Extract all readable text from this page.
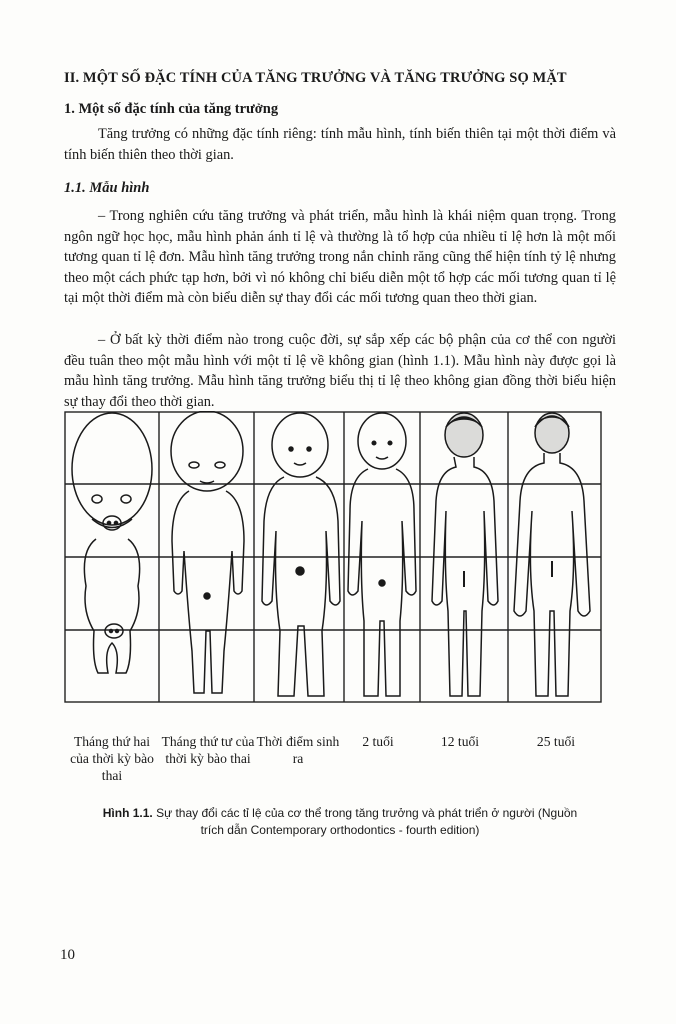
II. MỘT SỐ ĐẶC TÍNH CỦA TĂNG TRƯỞNG VÀ TĂNG TRƯỞNG SỌ MẶT
1. Một số đặc tính của tăng trưởng

Tăng trưởng có những đặc tính riêng: tính mẫu hình, tính biến thiên tại một thời điểm và tính biến thiên theo thời gian.

1.1. Mẫu hình

– Trong nghiên cứu tăng trưởng và phát triển, mẫu hình là khái niệm quan trọng. Trong ngôn ngữ học học, mẫu hình phản ánh tỉ lệ và thường là tổ hợp của nhiều tỉ lệ hơn là một mối tương quan tỉ lệ đơn. Mẫu hình tăng trưởng trong nắn chỉnh răng cũng thể hiện tính tỷ lệ nhưng theo một cách phức tạp hơn, bởi vì nó không chỉ biểu diễn một tổ hợp các mối tương quan tỉ lệ tại một thời điểm mà còn biểu diễn sự thay đổi các mối tương quan theo thời gian.

– Ở bất kỳ thời điểm nào trong cuộc đời, sự sắp xếp các bộ phận của cơ thể con người đều tuân theo một mẫu hình với một tỉ lệ về không gian (hình 1.1). Mẫu hình này được gọi là mẫu hình tăng trưởng. Mẫu hình tăng trưởng biểu thị tỉ lệ theo không gian đồng thời biểu hiện sự thay đổi theo thời gian.

Tháng thứ hai của thời kỳ bào thai
Tháng thứ tư của thời kỳ bào thai
Thời điểm sinh ra
2 tuổi	12 tuổi	25 tuổi
Hình 1.1. Sự thay đổi các tỉ lệ của cơ thể trong tăng trưởng và phát triển ở người (Nguồn trích dẫn Contemporary orthodontics - fourth edition)
10
